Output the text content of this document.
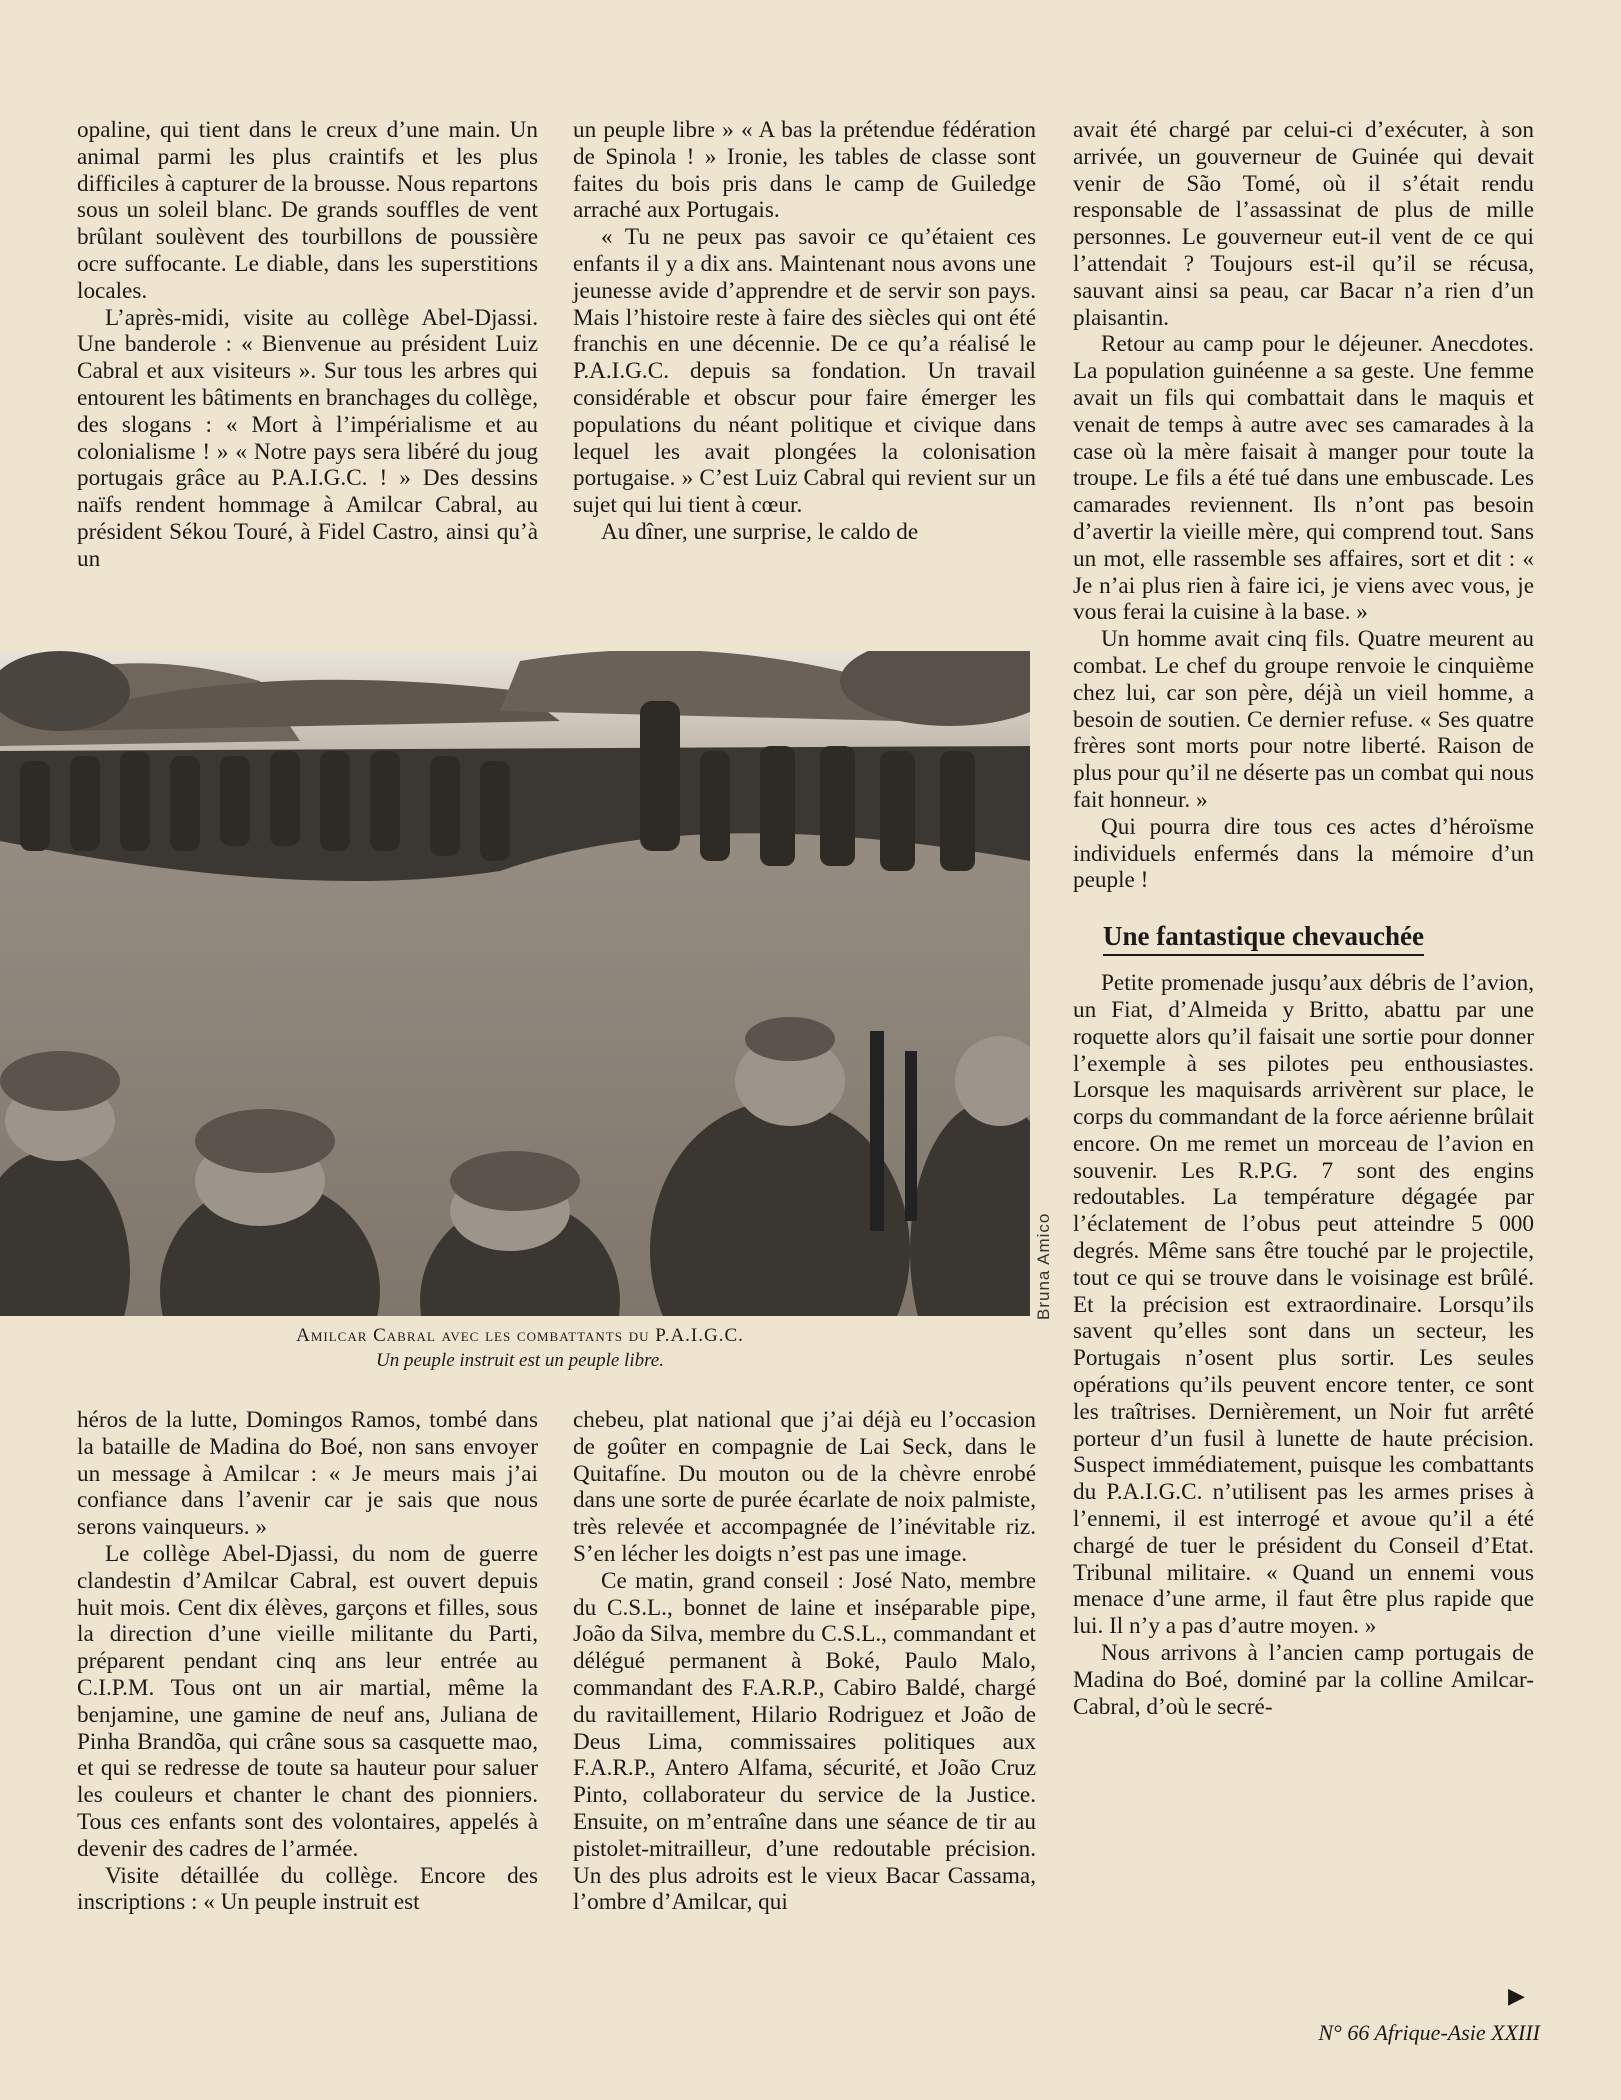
opaline, qui tient dans le creux d’une main. Un animal parmi les plus craintifs et les plus difficiles à capturer de la brousse. Nous repartons sous un soleil blanc. De grands souffles de vent brûlant soulèvent des tourbillons de poussière ocre suffocante. Le diable, dans les superstitions locales.

L’après-midi, visite au collège Abel-Djassi. Une banderole : « Bienvenue au président Luiz Cabral et aux visiteurs ». Sur tous les arbres qui entourent les bâtiments en branchages du collège, des slogans : « Mort à l’impérialisme et au colonialisme ! » « Notre pays sera libéré du joug portugais grâce au P.A.I.G.C. ! » Des dessins naïfs rendent hommage à Amilcar Cabral, au président Sékou Touré, à Fidel Castro, ainsi qu’à un

un peuple libre » « A bas la prétendue fédération de Spinola ! » Ironie, les tables de classe sont faites du bois pris dans le camp de Guiledge arraché aux Portugais.

« Tu ne peux pas savoir ce qu’étaient ces enfants il y a dix ans. Maintenant nous avons une jeunesse avide d’apprendre et de servir son pays. Mais l’histoire reste à faire des siècles qui ont été franchis en une décennie. De ce qu’a réalisé le P.A.I.G.C. depuis sa fondation. Un travail considérable et obscur pour faire émerger les populations du néant politique et civique dans lequel les avait plongées la colonisation portugaise. » C’est Luiz Cabral qui revient sur un sujet qui lui tient à cœur.

Au dîner, une surprise, le caldo de

avait été chargé par celui-ci d’exécuter, à son arrivée, un gouverneur de Guinée qui devait venir de São Tomé, où il s’était rendu responsable de l’assassinat de plus de mille personnes. Le gouverneur eut-il vent de ce qui l’attendait ? Toujours est-il qu’il se récusa, sauvant ainsi sa peau, car Bacar n’a rien d’un plaisantin.

Retour au camp pour le déjeuner. Anecdotes. La population guinéenne a sa geste. Une femme avait un fils qui combattait dans le maquis et venait de temps à autre avec ses camarades à la case où la mère faisait à manger pour toute la troupe. Le fils a été tué dans une embuscade. Les camarades reviennent. Ils n’ont pas besoin d’avertir la vieille mère, qui comprend tout. Sans un mot, elle rassemble ses affaires, sort et dit : « Je n’ai plus rien à faire ici, je viens avec vous, je vous ferai la cuisine à la base. »

Un homme avait cinq fils. Quatre meurent au combat. Le chef du groupe renvoie le cinquième chez lui, car son père, déjà un vieil homme, a besoin de soutien. Ce dernier refuse. « Ses quatre frères sont morts pour notre liberté. Raison de plus pour qu’il ne déserte pas un combat qui nous fait honneur. »

Qui pourra dire tous ces actes d’héroïsme individuels enfermés dans la mémoire d’un peuple !

Une fantastique chevauchée

Petite promenade jusqu’aux débris de l’avion, un Fiat, d’Almeida y Britto, abattu par une roquette alors qu’il faisait une sortie pour donner l’exemple à ses pilotes peu enthousiastes. Lorsque les maquisards arrivèrent sur place, le corps du commandant de la force aérienne brûlait encore. On me remet un morceau de l’avion en souvenir. Les R.P.G. 7 sont des engins redoutables. La température dégagée par l’éclatement de l’obus peut atteindre 5 000 degrés. Même sans être touché par le projectile, tout ce qui se trouve dans le voisinage est brûlé. Et la précision est extraordinaire. Lorsqu’ils savent qu’elles sont dans un secteur, les Portugais n’osent plus sortir. Les seules opérations qu’ils peuvent encore tenter, ce sont les traîtrises. Dernièrement, un Noir fut arrêté porteur d’un fusil à lunette de haute précision. Suspect immédiatement, puisque les combattants du P.A.I.G.C. n’utilisent pas les armes prises à l’ennemi, il est interrogé et avoue qu’il a été chargé de tuer le président du Conseil d’Etat. Tribunal militaire. « Quand un ennemi vous menace d’une arme, il faut être plus rapide que lui. Il n’y a pas d’autre moyen. »

Nous arrivons à l’ancien camp portugais de Madina do Boé, dominé par la colline Amilcar-Cabral, d’où le secré-

Bruna Amico
Amilcar Cabral avec les combattants du P.A.I.G.C.
Un peuple instruit est un peuple libre.

héros de la lutte, Domingos Ramos, tombé dans la bataille de Madina do Boé, non sans envoyer un message à Amilcar : « Je meurs mais j’ai confiance dans l’avenir car je sais que nous serons vainqueurs. »

Le collège Abel-Djassi, du nom de guerre clandestin d’Amilcar Cabral, est ouvert depuis huit mois. Cent dix élèves, garçons et filles, sous la direction d’une vieille militante du Parti, préparent pendant cinq ans leur entrée au C.I.P.M. Tous ont un air martial, même la benjamine, une gamine de neuf ans, Juliana de Pinha Brandõa, qui crâne sous sa casquette mao, et qui se redresse de toute sa hauteur pour saluer les couleurs et chanter le chant des pionniers. Tous ces enfants sont des volontaires, appelés à devenir des cadres de l’armée.

Visite détaillée du collège. Encore des inscriptions : « Un peuple instruit est

chebeu, plat national que j’ai déjà eu l’occasion de goûter en compagnie de Lai Seck, dans le Quitafíne. Du mouton ou de la chèvre enrobé dans une sorte de purée écarlate de noix palmiste, très relevée et accompagnée de l’inévitable riz. S’en lécher les doigts n’est pas une image.

Ce matin, grand conseil : José Nato, membre du C.S.L., bonnet de laine et inséparable pipe, João da Silva, membre du C.S.L., commandant et délégué permanent à Boké, Paulo Malo, commandant des F.A.R.P., Cabiro Baldé, chargé du ravitaillement, Hilario Rodriguez et João de Deus Lima, commissaires politiques aux F.A.R.P., Antero Alfama, sécurité, et João Cruz Pinto, collaborateur du service de la Justice. Ensuite, on m’entraîne dans une séance de tir au pistolet-mitrailleur, d’une redoutable précision. Un des plus adroits est le vieux Bacar Cassama, l’ombre d’Amilcar, qui

▶
N° 66 Afrique-Asie XXIII
